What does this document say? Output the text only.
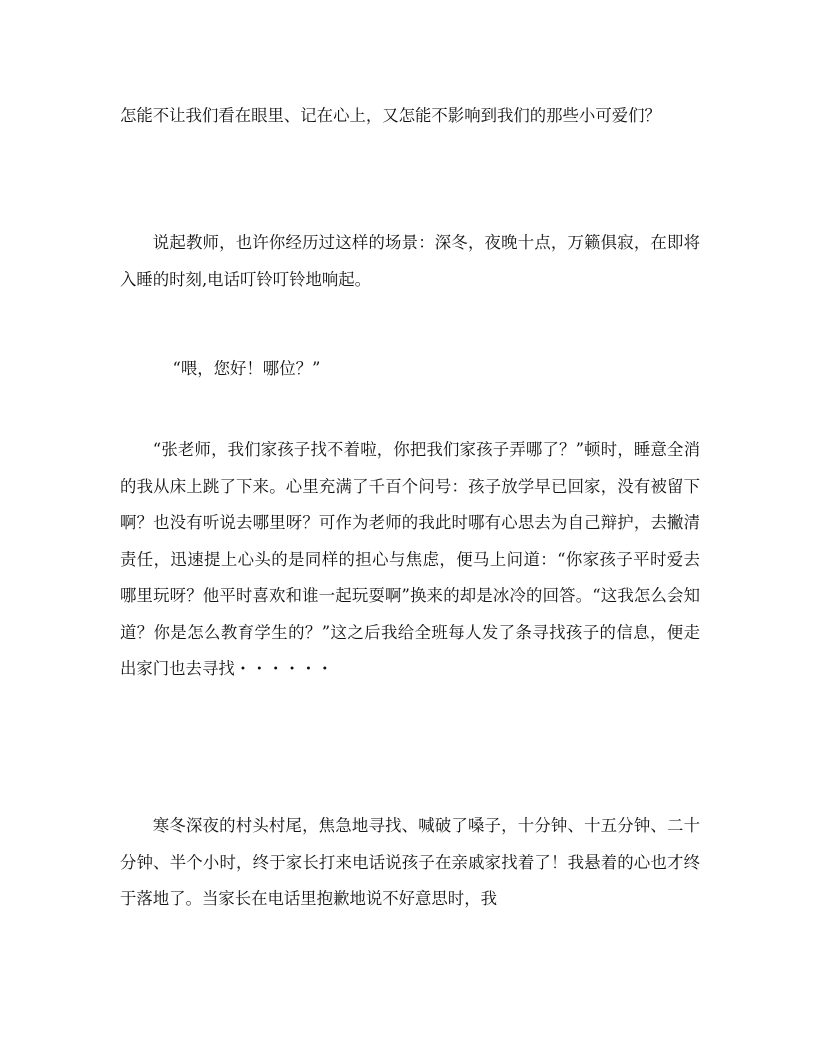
怎能不让我们看在眼里、记在心上，又怎能不影响到我们的那些小可爱们？

说起教师，也许你经历过这样的场景：深冬，夜晚十点，万籁俱寂，在即将入睡的时刻,电话叮铃叮铃地响起。

“喂，您好！哪位？”

“张老师，我们家孩子找不着啦，你把我们家孩子弄哪了？”顿时，睡意全消的我从床上跳了下来。心里充满了千百个问号：孩子放学早已回家，没有被留下啊？也没有听说去哪里呀？可作为老师的我此时哪有心思去为自己辩护，去撇清责任，迅速提上心头的是同样的担心与焦虑，便马上问道：“你家孩子平时爱去哪里玩呀？他平时喜欢和谁一起玩耍啊”换来的却是冰冷的回答。“这我怎么会知道？你是怎么教育学生的？”这之后我给全班每人发了条寻找孩子的信息，便走出家门也去寻找・・・・・・

寒冬深夜的村头村尾，焦急地寻找、喊破了嗓子，十分钟、十五分钟、二十分钟、半个小时，终于家长打来电话说孩子在亲戚家找着了！我悬着的心也才终于落地了。当家长在电话里抱歉地说不好意思时，我
